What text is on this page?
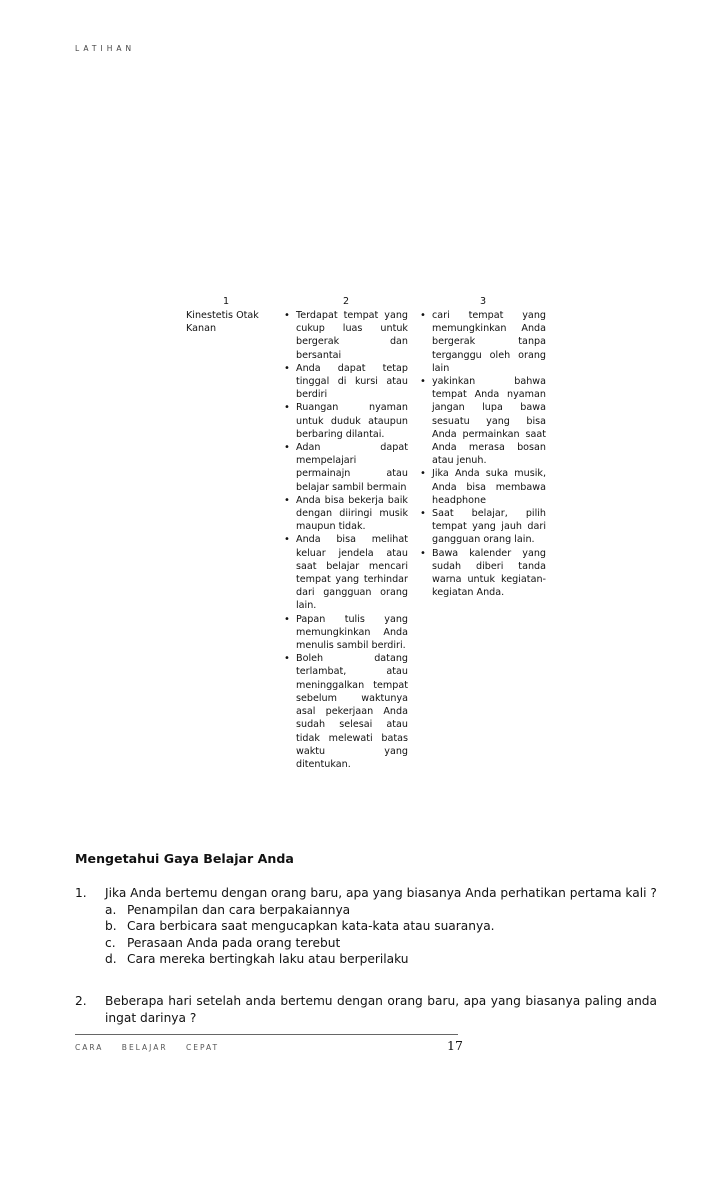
LATIHAN
1
Kinestetis Otak
Kanan
2
• Terdapat tempat yang cukup luas untuk bergerak dan bersantai
• Anda dapat tetap tinggal di kursi atau berdiri
• Ruangan nyaman untuk duduk ataupun berbaring dilantai.
• Adan dapat mempelajari permainajn atau belajar sambil bermain
• Anda bisa bekerja baik dengan diiringi musik maupun tidak.
• Anda bisa melihat keluar jendela atau saat belajar mencari tempat yang terhindar dari gangguan orang lain.
• Papan tulis yang memungkinkan Anda menulis sambil berdiri.
• Boleh datang terlambat, atau meninggalkan tempat sebelum waktunya asal pekerjaan Anda sudah selesai atau tidak melewati batas waktu yang ditentukan.
3
• cari tempat yang memungkinkan Anda bergerak tanpa terganggu oleh orang lain
• yakinkan bahwa tempat Anda nyaman jangan lupa bawa sesuatu yang bisa Anda permainkan saat Anda merasa bosan atau jenuh.
• Jika Anda suka musik, Anda bisa membawa headphone
• Saat belajar, pilih tempat yang jauh dari gangguan orang lain.
• Bawa kalender yang sudah diberi tanda warna untuk kegiatan-kegiatan Anda.
Mengetahui Gaya Belajar Anda
1. Jika Anda bertemu dengan orang baru, apa yang biasanya Anda perhatikan pertama kali ?
a. Penampilan dan cara berpakaiannya
b. Cara berbicara saat mengucapkan kata-kata atau suaranya.
c. Perasaan Anda pada orang terebut
d. Cara mereka bertingkah laku atau berperilaku
2. Beberapa hari setelah anda bertemu dengan orang baru, apa yang biasanya paling anda ingat darinya ?
CARA BELAJAR CEPAT	17
